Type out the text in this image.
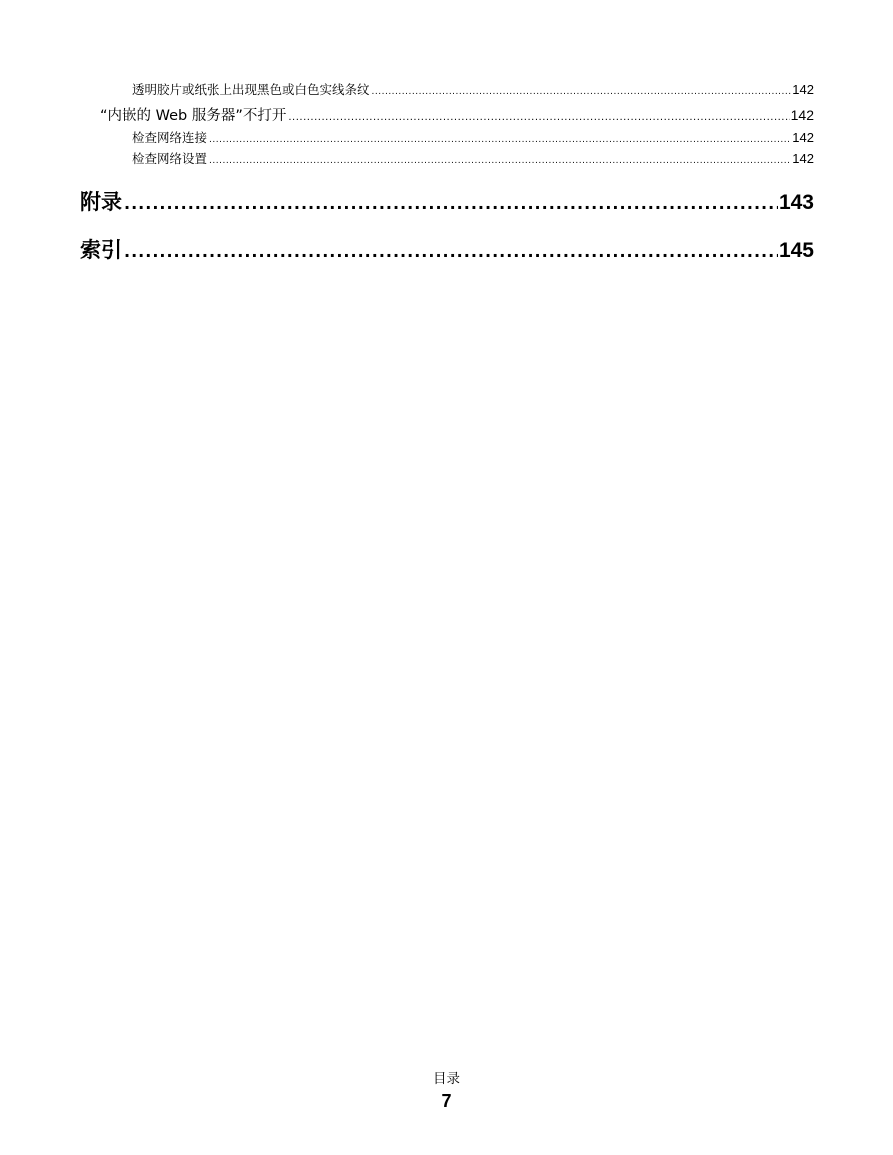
透明胶片或纸张上出现黑色或白色实线条纹 .....	142
“内嵌的 Web 服务器”不打开 .....	142
检查网络连接 .....	142
检查网络设置 .....	142
附录 .....	143
索引 .....	145
目录
7
